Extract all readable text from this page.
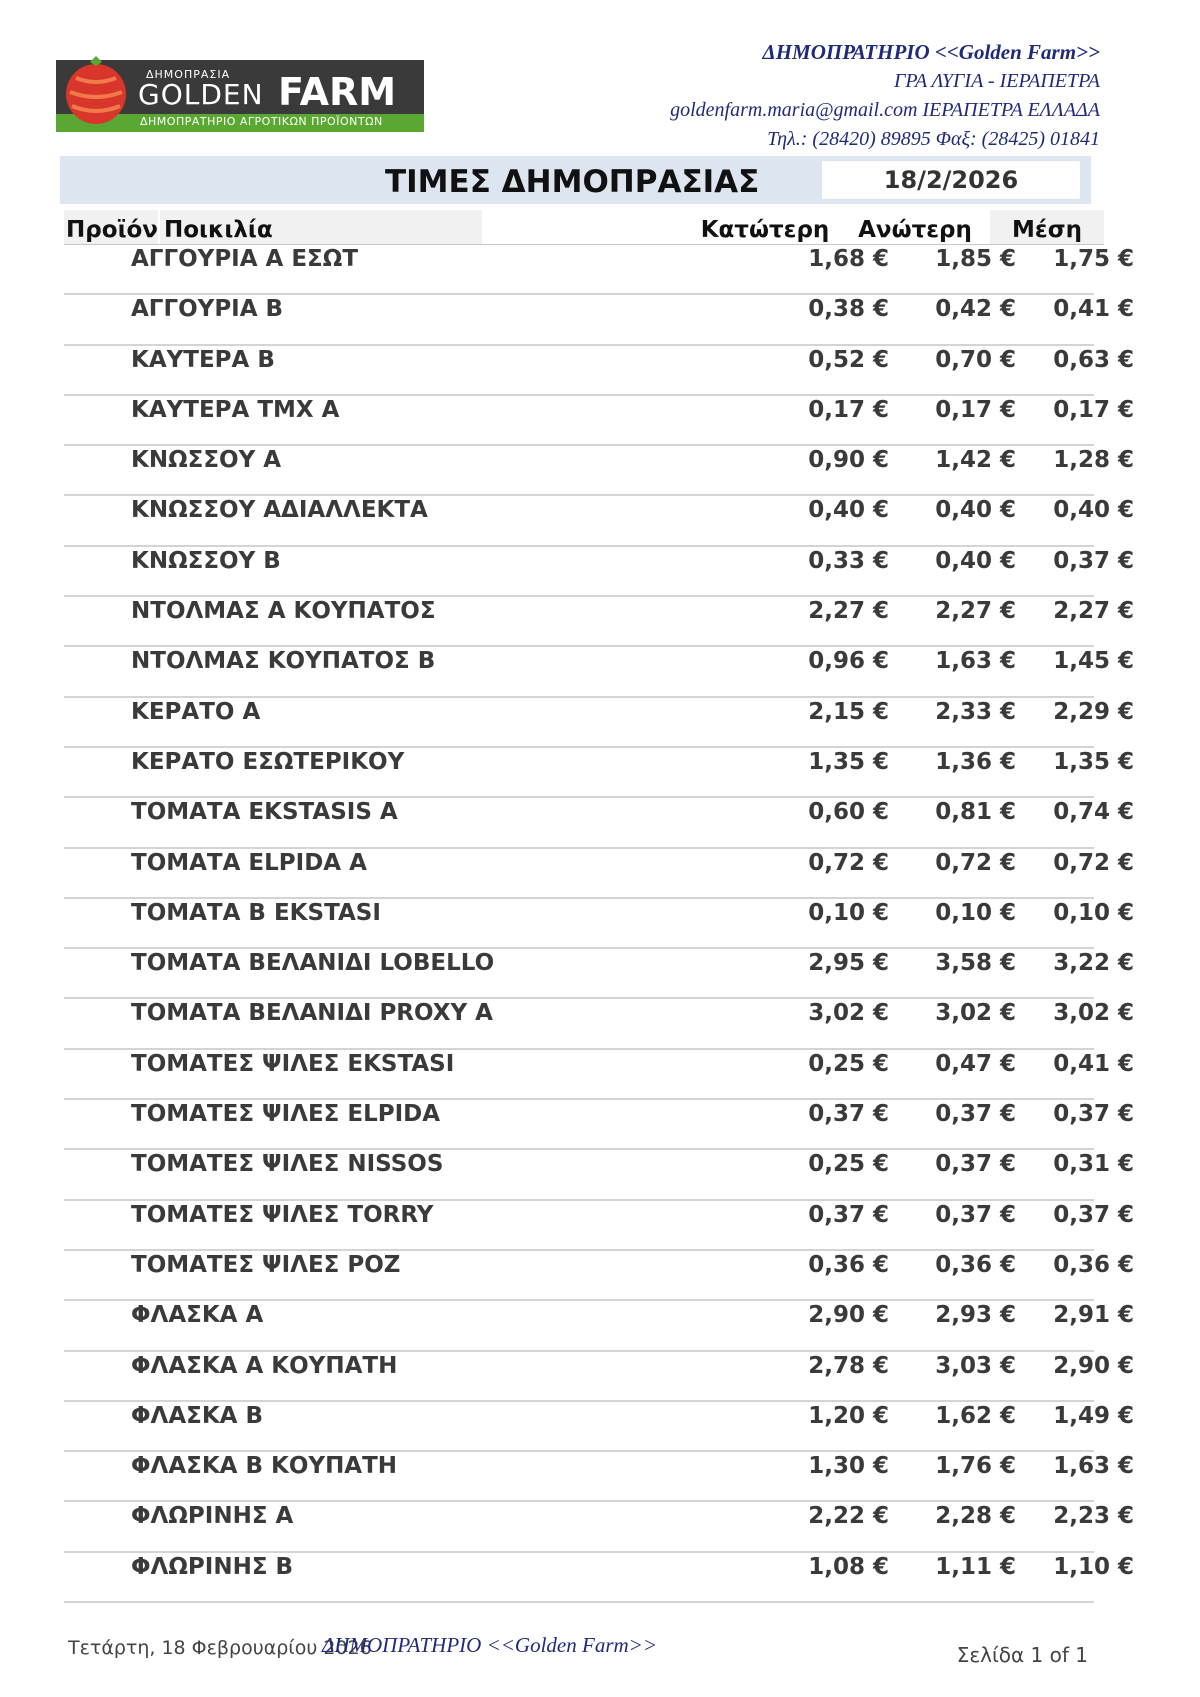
ΔΗΜΟΠΡΑΣΙΑ
GOLDEN FARM
ΔΗΜΟΠΡΑΤΗΡΙΟ ΑΓΡΟΤΙΚΩΝ ΠΡΟΪΟΝΤΩΝ
ΔΗΜΟΠΡΑΤΗΡΙΟ <<Golden Farm>>
ΓΡΑ ΛΥΓΙΑ - ΙΕΡΑΠΕΤΡΑ
goldenfarm.maria@gmail.com ΙΕΡΑΠΕΤΡΑ ΕΛΛΑΔΑ
Τηλ.: (28420) 89895 Φαξ: (28425) 01841
ΤΙΜΕΣ ΔΗΜΟΠΡΑΣΙΑΣ	18/2/2026
Προϊόν Ποικιλία	Κατώτερη	Ανώτερη	Μέση
ΑΓΓΟΥΡΙΑ Α ΕΣΩΤ	1,68 € 1,85 € 1,75 €
ΑΓΓΟΥΡΙΑ Β	0,38 € 0,42 € 0,41 €
ΚΑΥΤΕΡΑ Β	0,52 € 0,70 € 0,63 €
ΚΑΥΤΕΡΑ ΤΜΧ Α	0,17 € 0,17 € 0,17 €
ΚΝΩΣΣΟΥ Α	0,90 € 1,42 € 1,28 €
ΚΝΩΣΣΟΥ ΑΔΙΑΛΛΕΚΤΑ	0,40 € 0,40 € 0,40 €
ΚΝΩΣΣΟΥ Β	0,33 € 0,40 € 0,37 €
ΝΤΟΛΜΑΣ Α ΚΟΥΠΑΤΟΣ	2,27 € 2,27 € 2,27 €
ΝΤΟΛΜΑΣ ΚΟΥΠΑΤΟΣ Β	0,96 € 1,63 € 1,45 €
ΚΕΡΑΤΟ Α	2,15 € 2,33 € 2,29 €
ΚΕΡΑΤΟ ΕΣΩΤΕΡΙΚΟΥ	1,35 € 1,36 € 1,35 €
ΤΟΜΑΤΑ EKSTASIS Α	0,60 € 0,81 € 0,74 €
ΤΟΜΑΤΑ ELPIDA Α	0,72 € 0,72 € 0,72 €
ΤΟΜΑΤΑ Β EKSTASI	0,10 € 0,10 € 0,10 €
ΤΟΜΑΤΑ ΒΕΛΑΝΙΔΙ LOBELLO	2,95 € 3,58 € 3,22 €
ΤΟΜΑΤΑ ΒΕΛΑΝΙΔΙ PROXY Α	3,02 € 3,02 € 3,02 €
ΤΟΜΑΤΕΣ ΨΙΛΕΣ EKSTASI	0,25 € 0,47 € 0,41 €
ΤΟΜΑΤΕΣ ΨΙΛΕΣ ELPIDA	0,37 € 0,37 € 0,37 €
ΤΟΜΑΤΕΣ ΨΙΛΕΣ NISSOS	0,25 € 0,37 € 0,31 €
ΤΟΜΑΤΕΣ ΨΙΛΕΣ TORRY	0,37 € 0,37 € 0,37 €
ΤΟΜΑΤΕΣ ΨΙΛΕΣ ΡΟΖ	0,36 € 0,36 € 0,36 €
ΦΛΑΣΚΑ Α	2,90 € 2,93 € 2,91 €
ΦΛΑΣΚΑ Α ΚΟΥΠΑΤΗ	2,78 € 3,03 € 2,90 €
ΦΛΑΣΚΑ Β	1,20 € 1,62 € 1,49 €
ΦΛΑΣΚΑ Β ΚΟΥΠΑΤΗ	1,30 € 1,76 € 1,63 €
ΦΛΩΡΙΝΗΣ Α	2,22 € 2,28 € 2,23 €
ΦΛΩΡΙΝΗΣ Β	1,08 € 1,11 € 1,10 €
Τετάρτη, 18 Φεβρουαρίου 2026
ΔΗΜΟΠΡΑΤΗΡΙΟ <<Golden Farm>>	Σελίδα 1 of 1
